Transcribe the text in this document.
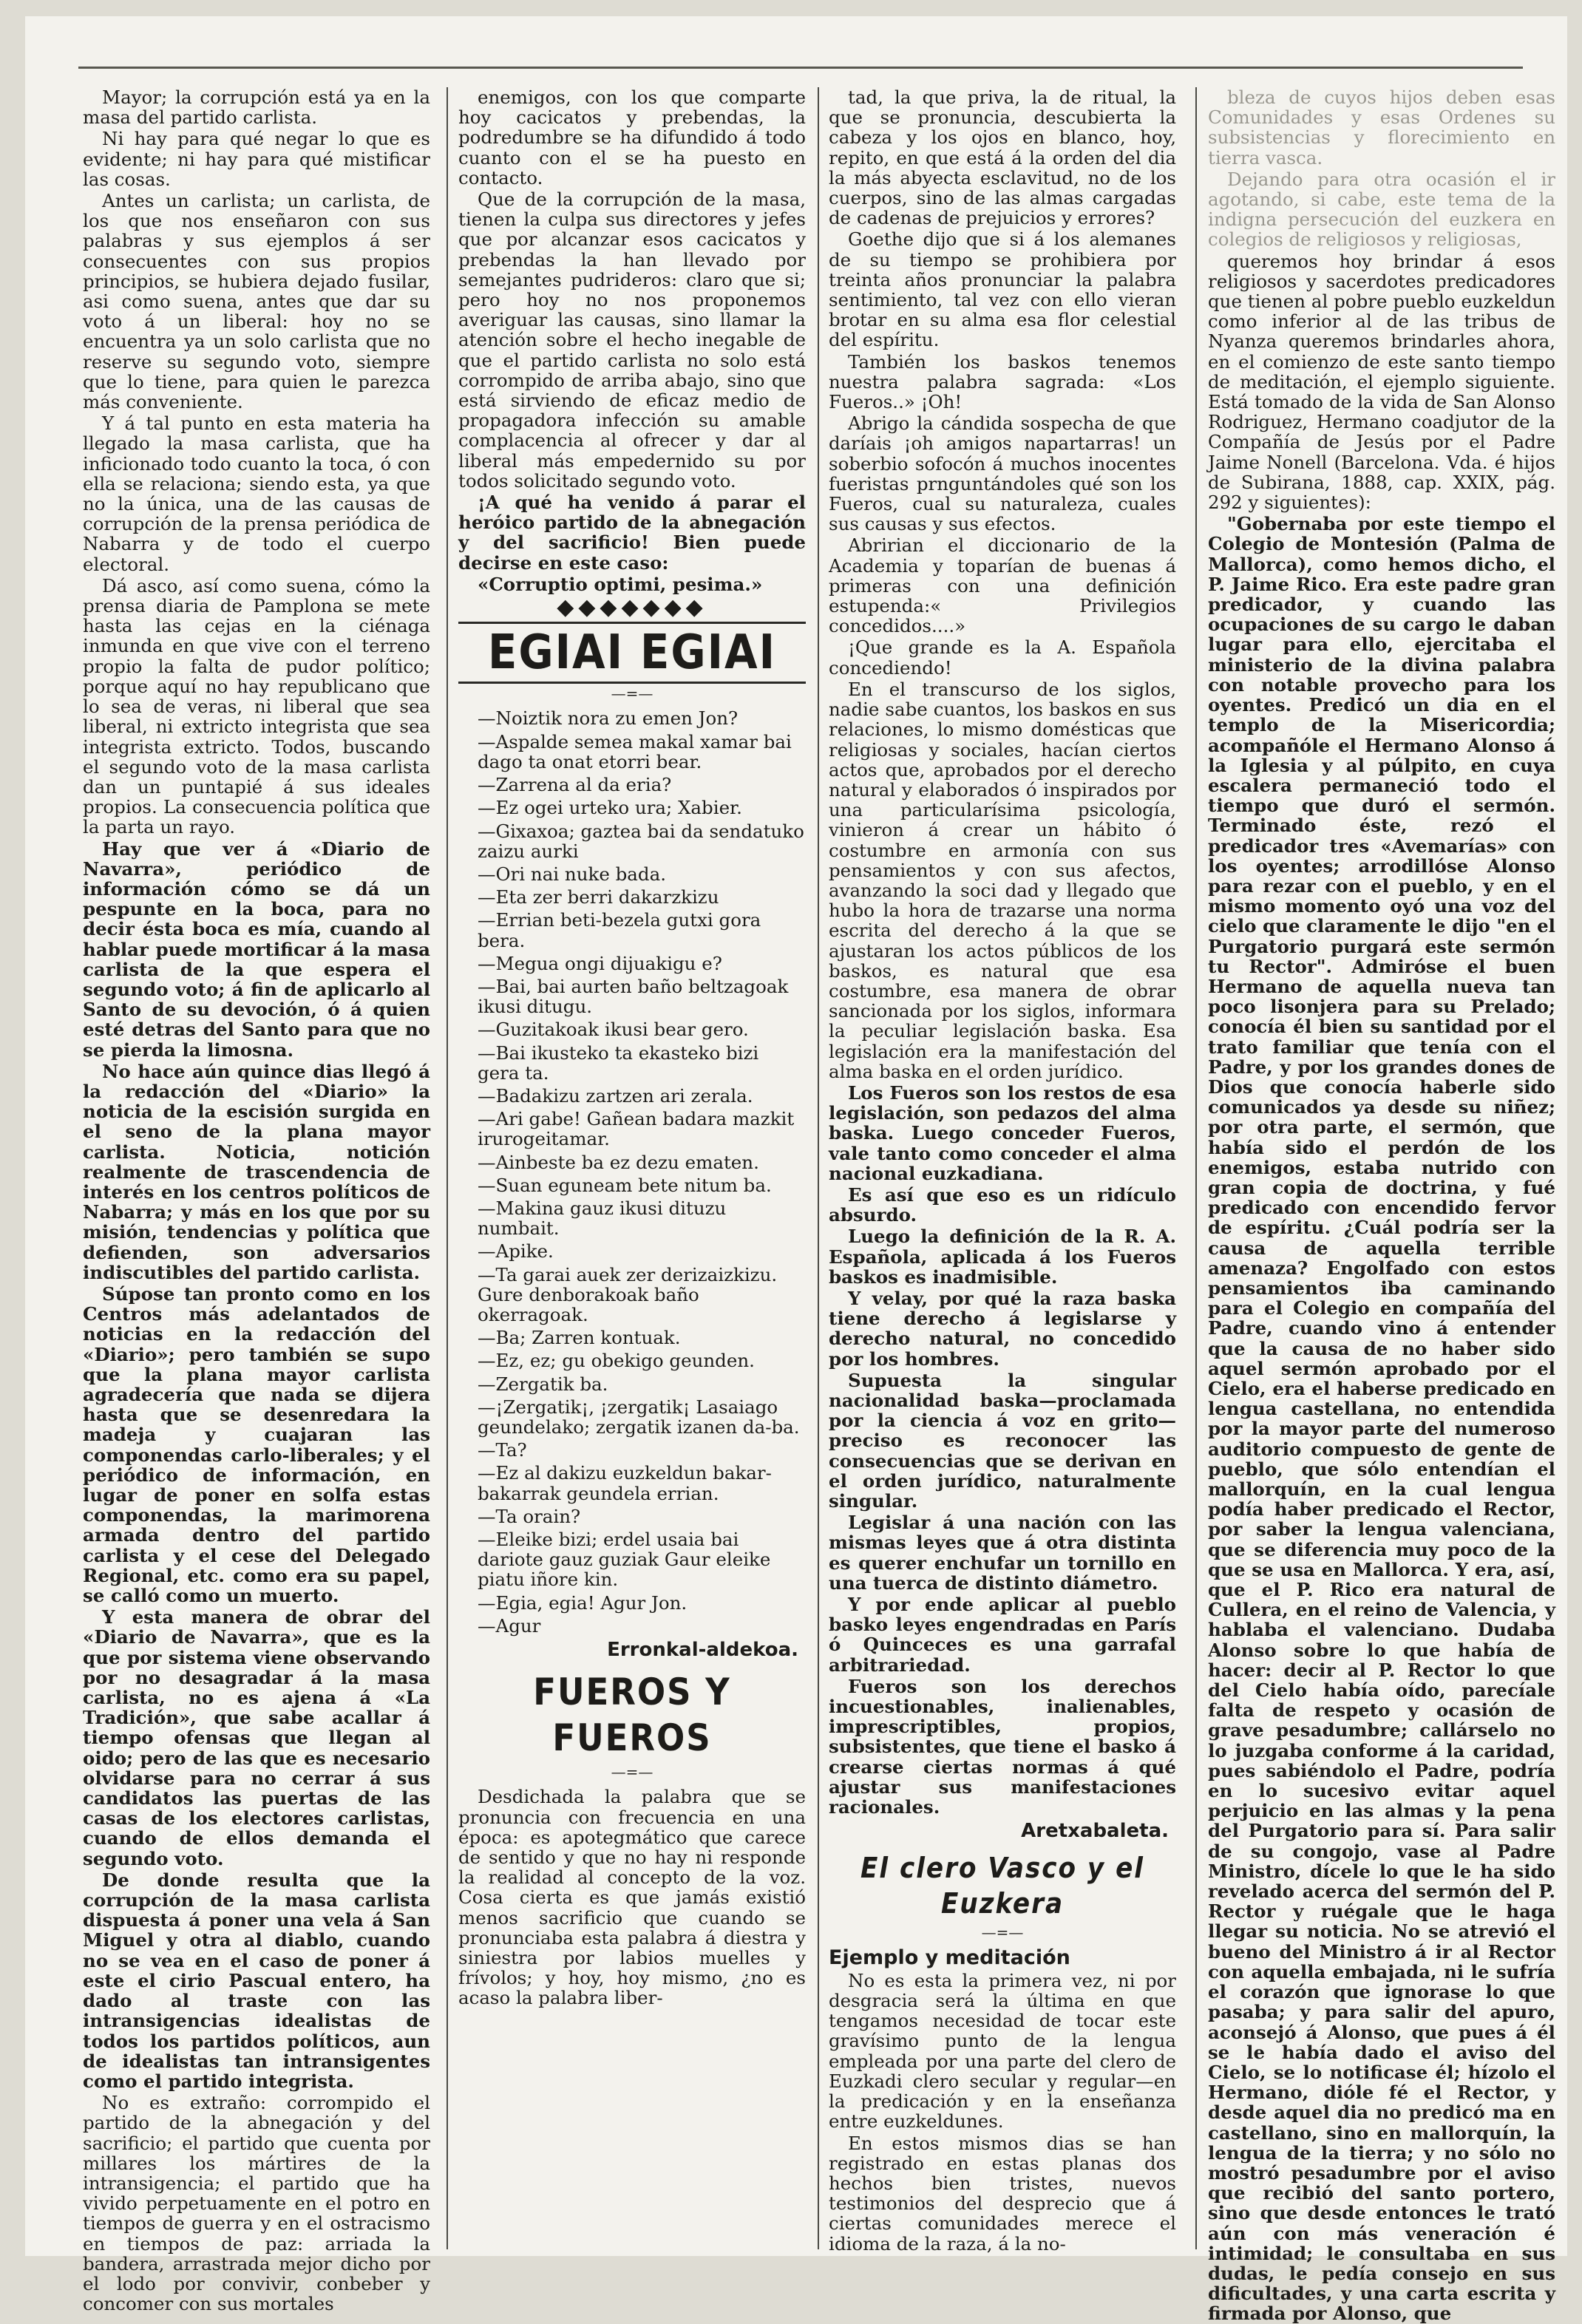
Mayor; la corrupción está ya en la masa del partido carlista.

Ni hay para qué negar lo que es evidente; ni hay para qué mistificar las cosas.

Antes un carlista; un carlista, de los que nos enseñaron con sus palabras y sus ejemplos á ser consecuentes con sus propios principios, se hubiera dejado fusilar, asi como suena, antes que dar su voto á un liberal: hoy no se encuentra ya un solo carlista que no reserve su segundo voto, siempre que lo tiene, para quien le parezca más conveniente.

Y á tal punto en esta materia ha llegado la masa carlista, que ha inficionado todo cuanto la toca, ó con ella se relaciona; siendo esta, ya que no la única, una de las causas de corrupción de la prensa periódica de Nabarra y de todo el cuerpo electoral.

Dá asco, así como suena, cómo la prensa diaria de Pamplona se mete hasta las cejas en la ciénaga inmunda en que vive con el terreno propio la falta de pudor político; porque aquí no hay republicano que lo sea de veras, ni liberal que sea liberal, ni extricto integrista que sea integrista extricto. Todos, buscando el segundo voto de la masa carlista dan un puntapié á sus ideales propios. La consecuencia política que la parta un rayo.

Hay que ver á «Diario de Navarra», periódico de información cómo se dá un pespunte en la boca, para no decir ésta boca es mía, cuando al hablar puede mortificar á la masa carlista de la que espera el segundo voto; á fin de aplicarlo al Santo de su devoción, ó á quien esté detras del Santo para que no se pierda la limosna.

No hace aún quince dias llegó á la redacción del «Diario» la noticia de la escisión surgida en el seno de la plana mayor carlista. Noticia, notición realmente de trascendencia de interés en los centros políticos de Nabarra; y más en los que por su misión, tendencias y política que defienden, son adversarios indiscutibles del partido carlista.

Súpose tan pronto como en los Centros más adelantados de noticias en la redacción del «Diario»; pero también se supo que la plana mayor carlista agradecería que nada se dijera hasta que se desenredara la madeja y cuajaran las componendas carlo-liberales; y el periódico de información, en lugar de poner en solfa estas componendas, la marimorena armada dentro del partido carlista y el cese del Delegado Regional, etc. como era su papel, se calló como un muerto.

Y esta manera de obrar del «Diario de Navarra», que es la que por sistema viene observando por no desagradar á la masa carlista, no es ajena á «La Tradición», que sabe acallar á tiempo ofensas que llegan al oido; pero de las que es necesario olvidarse para no cerrar á sus candidatos las puertas de las casas de los electores carlistas, cuando de ellos demanda el segundo voto.

De donde resulta que la corrupción de la masa carlista dispuesta á poner una vela á San Miguel y otra al diablo, cuando no se vea en el caso de poner á este el cirio Pascual entero, ha dado al traste con las intransigencias idealistas de todos los partidos políticos, aun de idealistas tan intransigentes como el partido integrista.

No es extraño: corrompido el partido de la abnegación y del sacrificio; el partido que cuenta por millares los mártires de la intransigencia; el partido que ha vivido perpetuamente en el potro en tiempos de guerra y en el ostracismo en tiempos de paz: arriada la bandera, arrastrada mejor dicho por el lodo por convivir, conbeber y concomer con sus mortales

enemigos, con los que comparte hoy cacicatos y prebendas, la podredumbre se ha difundido á todo cuanto con el se ha puesto en contacto.

Que de la corrupción de la masa, tienen la culpa sus directores y jefes que por alcanzar esos cacicatos y prebendas la han llevado por semejantes pudrideros: claro que si; pero hoy no nos proponemos averiguar las causas, sino llamar la atención sobre el hecho inegable de que el partido carlista no solo está corrompido de arriba abajo, sino que está sirviendo de eficaz medio de propagadora infección su amable complacencia al ofrecer y dar al liberal más empedernido su por todos solicitado segundo voto.

¡A qué ha venido á parar el heróico partido de la abnegación y del sacrificio! Bien puede decirse en este caso:

«Corruptio optimi, pesima.»

◆◆◆◆◆◆◆
EGIAI EGIAI
—=—

—Noiztik nora zu emen Jon?

—Aspalde semea makal xamar bai dago ta onat etorri bear.

—Zarrena al da eria?

—Ez ogei urteko ura; Xabier.

—Gixaxoa; gaztea bai da sendatuko zaizu aurki

—Ori nai nuke bada.

—Eta zer berri dakarzkizu

—Errian beti-bezela gutxi gora bera.

—Megua ongi dijuakigu e?

—Bai, bai aurten baño beltzagoak ikusi ditugu.

—Guzitakoak ikusi bear gero.

—Bai ikusteko ta ekasteko bizi gera ta.

—Badakizu zartzen ari zerala.

—Ari gabe! Gañean badara mazkit irurogeitamar.

—Ainbeste ba ez dezu ematen.

—Suan eguneam bete nitum ba.

—Makina gauz ikusi dituzu numbait.

—Apike.

—Ta garai auek zer derizaizkizu. Gure denborakoak baño okerragoak.

—Ba; Zarren kontuak.

—Ez, ez; gu obekigo geunden.

—Zergatik ba.

—¡Zergatik¡, ¡zergatik¡ Lasaiago geundelako; zergatik izanen da-ba.

—Ta?

—Ez al dakizu euzkeldun bakar-bakarrak geundela errian.

—Ta orain?

—Eleike bizi; erdel usaia bai dariote gauz guziak Gaur eleike piatu iñore kin.

—Egia, egia! Agur Jon.

—Agur

Erronkal-aldekoa.
FUEROS Y FUEROS
—=—

Desdichada la palabra que se pronuncia con frecuencia en una época: es apotegmático que carece de sentido y que no hay ni responde la realidad al concepto de la voz. Cosa cierta es que jamás existió menos sacrificio que cuando se pronunciaba esta palabra á diestra y siniestra por labios muelles y frívolos; y hoy, hoy mismo, ¿no es acaso la palabra liber-

tad, la que priva, la de ritual, la que se pronuncia, descubierta la cabeza y los ojos en blanco, hoy, repito, en que está á la orden del dia la más abyecta esclavitud, no de los cuerpos, sino de las almas cargadas de cadenas de prejuicios y errores?

Goethe dijo que si á los alemanes de su tiempo se prohibiera por treinta años pronunciar la palabra sentimiento, tal vez con ello vieran brotar en su alma esa flor celestial del espíritu.

También los baskos tenemos nuestra palabra sagrada: «Los Fueros..» ¡Oh!

Abrigo la cándida sospecha de que daríais ¡oh amigos napartarras! un soberbio sofocón á muchos inocentes fueristas prnguntándoles qué son los Fueros, cual su naturaleza, cuales sus causas y sus efectos.

Abririan el diccionario de la Academia y toparían de buenas á primeras con una definición estupenda:« Privilegios concedidos....»

¡Que grande es la A. Española concediendo!

En el transcurso de los siglos, nadie sabe cuantos, los baskos en sus relaciones, lo mismo domésticas que religiosas y sociales, hacían ciertos actos que, aprobados por el derecho natural y elaborados ó inspirados por una particularísima psicología, vinieron á crear un hábito ó costumbre en armonía con sus pensamientos y con sus afectos, avanzando la soci dad y llegado que hubo la hora de trazarse una norma escrita del derecho á la que se ajustaran los actos públicos de los baskos, es natural que esa costumbre, esa manera de obrar sancionada por los siglos, informara la peculiar legislación baska. Esa legislación era la manifestación del alma baska en el orden jurídico.

Los Fueros son los restos de esa legislación, son pedazos del alma baska. Luego conceder Fueros, vale tanto como conceder el alma nacional euzkadiana.

Es así que eso es un ridículo absurdo.

Luego la definición de la R. A. Española, aplicada á los Fueros baskos es inadmisible.

Y velay, por qué la raza baska tiene derecho á legislarse y derecho natural, no concedido por los hombres.

Supuesta la singular nacionalidad baska—proclamada por la ciencia á voz en grito—preciso es reconocer las consecuencias que se derivan en el orden jurídico, naturalmente singular.

Legislar á una nación con las mismas leyes que á otra distinta es querer enchufar un tornillo en una tuerca de distinto diámetro.

Y por ende aplicar al pueblo basko leyes engendradas en París ó Quinceces es una garrafal arbitrariedad.

Fueros son los derechos incuestionables, inalienables, imprescriptibles, propios, subsistentes, que tiene el basko á crearse ciertas normas á qué ajustar sus manifestaciones racionales.

Aretxabaleta.
El clero Vasco y el Euzkera
—=—
Ejemplo y meditación

No es esta la primera vez, ni por desgracia será la última en que tengamos necesidad de tocar este gravísimo punto de la lengua empleada por una parte del clero de Euzkadi clero secular y regular—en la predicación y en la enseñanza entre euzkeldunes.

En estos mismos dias se han registrado en estas planas dos hechos bien tristes, nuevos testimonios del desprecio que á ciertas comunidades merece el idioma de la raza, á la no-

bleza de cuyos hijos deben esas Comunidades y esas Ordenes su subsistencias y florecimiento en tierra vasca.

Dejando para otra ocasión el ir agotando, si cabe, este tema de la indigna persecución del euzkera en colegios de religiosos y religiosas,

queremos hoy brindar á esos religiosos y sacerdotes predicadores que tienen al pobre pueblo euzkeldun como inferior al de las tribus de Nyanza queremos brindarles ahora, en el comienzo de este santo tiempo de meditación, el ejemplo siguiente. Está tomado de la vida de San Alonso Rodriguez, Hermano coadjutor de la Compañía de Jesús por el Padre Jaime Nonell (Barcelona. Vda. é hijos de Subirana, 1888, cap. XXIX, pág. 292 y siguientes):

"Gobernaba por este tiempo el Colegio de Montesión (Palma de Mallorca), como hemos dicho, el P. Jaime Rico. Era este padre gran predicador, y cuando las ocupaciones de su cargo le daban lugar para ello, ejercitaba el ministerio de la divina palabra con notable provecho para los oyentes. Predicó un dia en el templo de la Misericordia; acompañóle el Hermano Alonso á la Iglesia y al púlpito, en cuya escalera permaneció todo el tiempo que duró el sermón. Terminado éste, rezó el predicador tres «Avemarías» con los oyentes; arrodillóse Alonso para rezar con el pueblo, y en el mismo momento oyó una voz del cielo que claramente le dijo "en el Purgatorio purgará este sermón tu Rector". Admiróse el buen Hermano de aquella nueva tan poco lisonjera para su Prelado; conocía él bien su santidad por el trato familiar que tenía con el Padre, y por los grandes dones de Dios que conocía haberle sido comunicados ya desde su niñez; por otra parte, el sermón, que había sido el perdón de los enemigos, estaba nutrido con gran copia de doctrina, y fué predicado con encendido fervor de espíritu. ¿Cuál podría ser la causa de aquella terrible amenaza? Engolfado con estos pensamientos iba caminando para el Colegio en compañía del Padre, cuando vino á entender que la causa de no haber sido aquel sermón aprobado por el Cielo, era el haberse predicado en lengua castellana, no entendida por la mayor parte del numeroso auditorio compuesto de gente de pueblo, que sólo entendían el mallorquín, en la cual lengua podía haber predicado el Rector, por saber la lengua valenciana, que se diferencia muy poco de la que se usa en Mallorca. Y era, así, que el P. Rico era natural de Cullera, en el reino de Valencia, y hablaba el valenciano. Dudaba Alonso sobre lo que había de hacer: decir al P. Rector lo que del Cielo había oído, parecíale falta de respeto y ocasión de grave pesadumbre; callárselo no lo juzgaba conforme á la caridad, pues sabiéndolo el Padre, podría en lo sucesivo evitar aquel perjuicio en las almas y la pena del Purgatorio para sí. Para salir de su congojo, vase al Padre Ministro, dícele lo que le ha sido revelado acerca del sermón del P. Rector y ruégale que le haga llegar su noticia. No se atrevió el bueno del Ministro á ir al Rector con aquella embajada, ni le sufría el corazón que ignorase lo que pasaba; y para salir del apuro, aconsejó á Alonso, que pues á él se le había dado el aviso del Cielo, se lo notificase él; hízolo el Hermano, dióle fé el Rector, y desde aquel dia no predicó ma en castellano, sino en mallorquín, la lengua de la tierra; y no sólo no mostró pesadumbre por el aviso que recibió del santo portero, sino que desde entonces le trató aún con más veneración é intimidad; le consultaba en sus dudas, le pedía consejo en sus dificultades, y una carta escrita y firmada por Alonso, que
